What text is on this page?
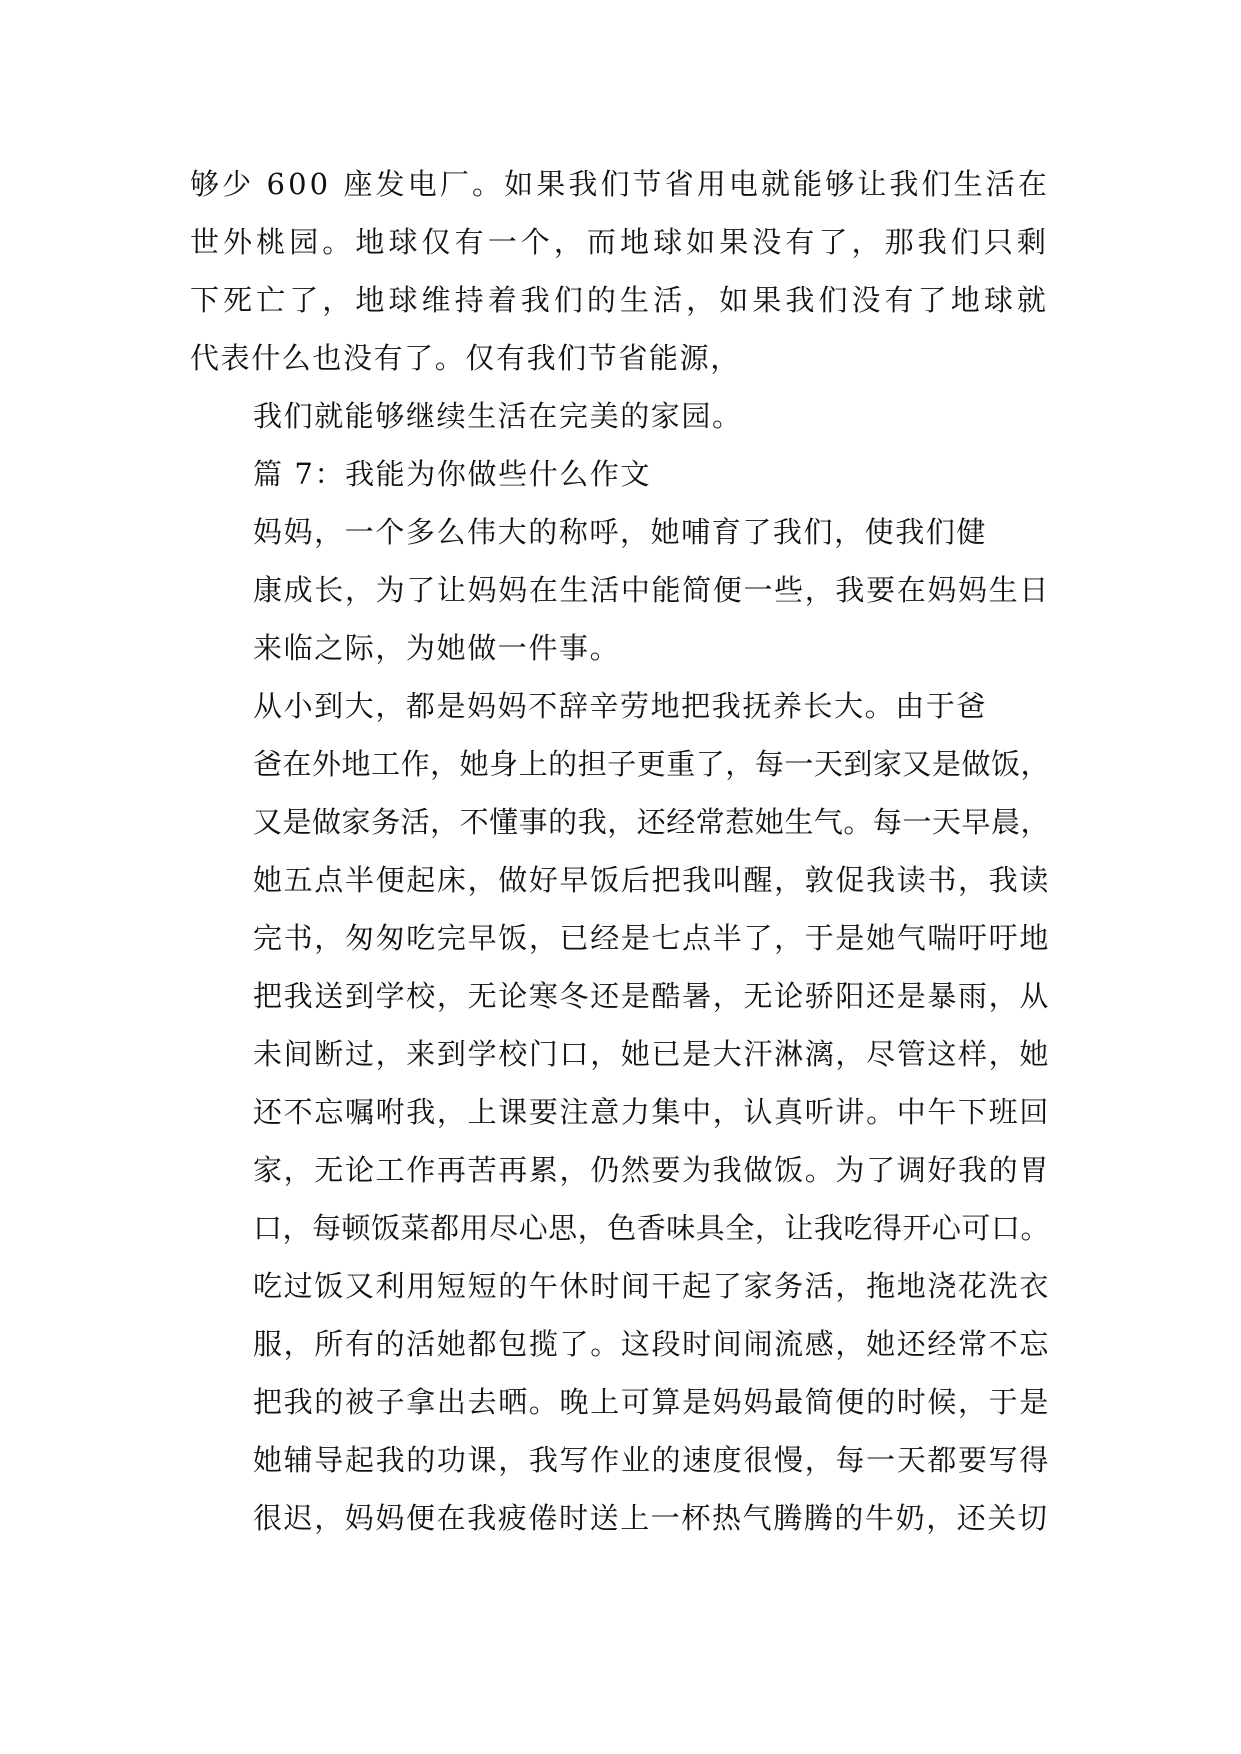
够少 600 座发电厂。如果我们节省用电就能够让我们生活在
世外桃园。地球仅有一个，而地球如果没有了，那我们只剩
下死亡了，地球维持着我们的生活，如果我们没有了地球就
代表什么也没有了。仅有我们节省能源，
我们就能够继续生活在完美的家园。
篇 7：我能为你做些什么作文
妈妈，一个多么伟大的称呼，她哺育了我们，使我们健
康成长，为了让妈妈在生活中能简便一些，我要在妈妈生日
来临之际，为她做一件事。
从小到大，都是妈妈不辞辛劳地把我抚养长大。由于爸
爸在外地工作，她身上的担子更重了，每一天到家又是做饭，
又是做家务活，不懂事的我，还经常惹她生气。每一天早晨，
她五点半便起床，做好早饭后把我叫醒，敦促我读书，我读
完书，匆匆吃完早饭，已经是七点半了，于是她气喘吁吁地
把我送到学校，无论寒冬还是酷暑，无论骄阳还是暴雨，从
未间断过，来到学校门口，她已是大汗淋漓，尽管这样，她
还不忘嘱咐我，上课要注意力集中，认真听讲。中午下班回
家，无论工作再苦再累，仍然要为我做饭。为了调好我的胃
口，每顿饭菜都用尽心思，色香味具全，让我吃得开心可口。
吃过饭又利用短短的午休时间干起了家务活，拖地浇花洗衣
服，所有的活她都包揽了。这段时间闹流感，她还经常不忘
把我的被子拿出去晒。晚上可算是妈妈最简便的时候，于是
她辅导起我的功课，我写作业的速度很慢，每一天都要写得
很迟，妈妈便在我疲倦时送上一杯热气腾腾的牛奶，还关切
